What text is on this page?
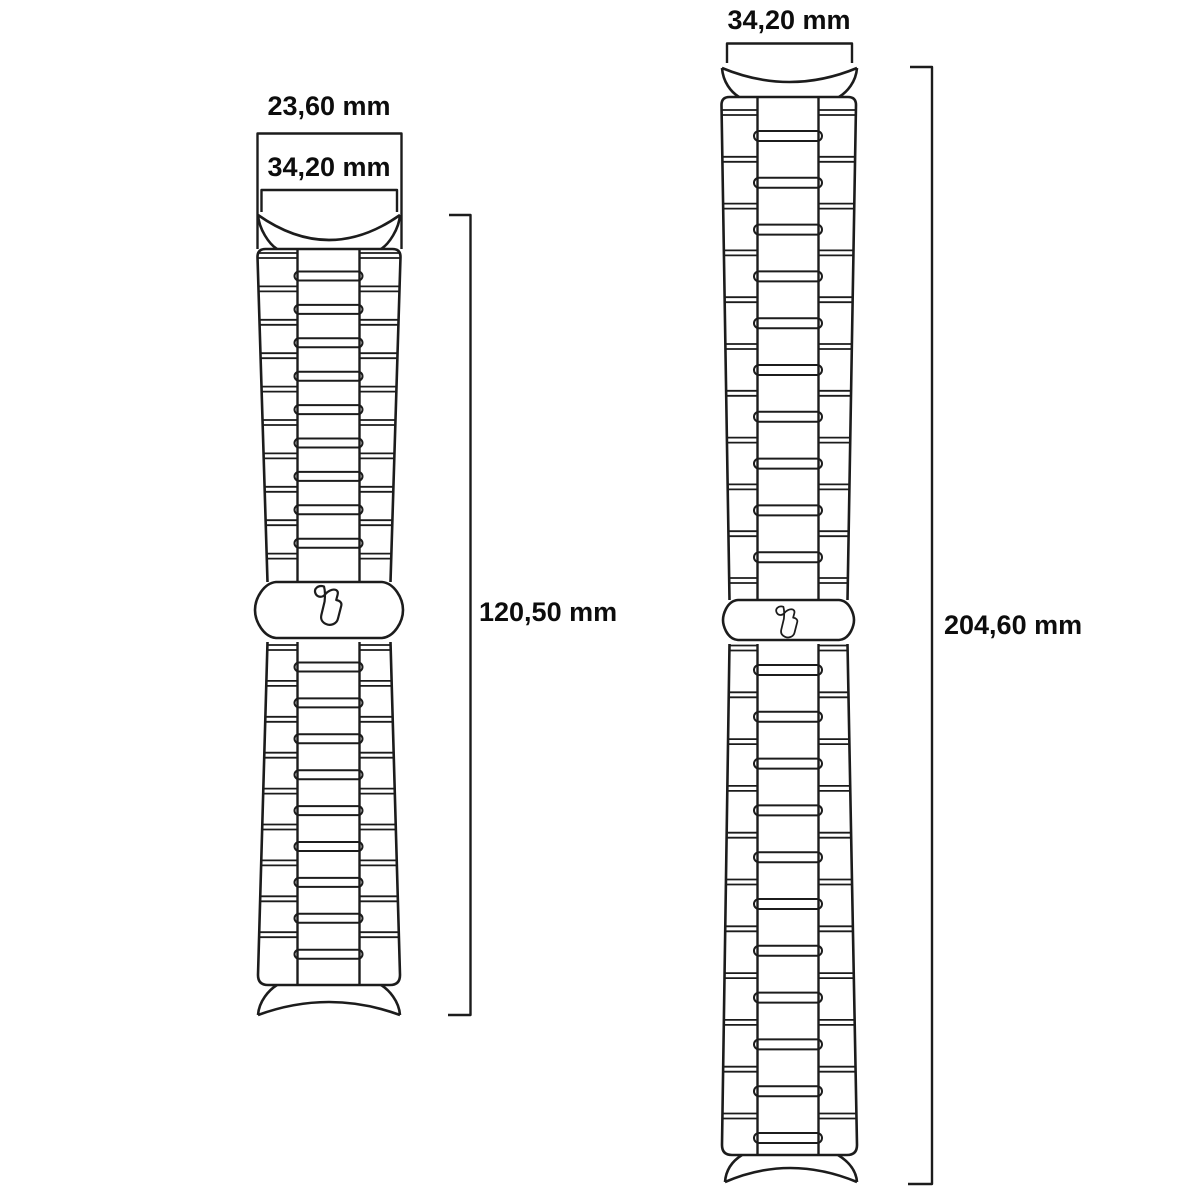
23,60 mm
34,20 mm
120,50 mm
34,20 mm
204,60 mm
